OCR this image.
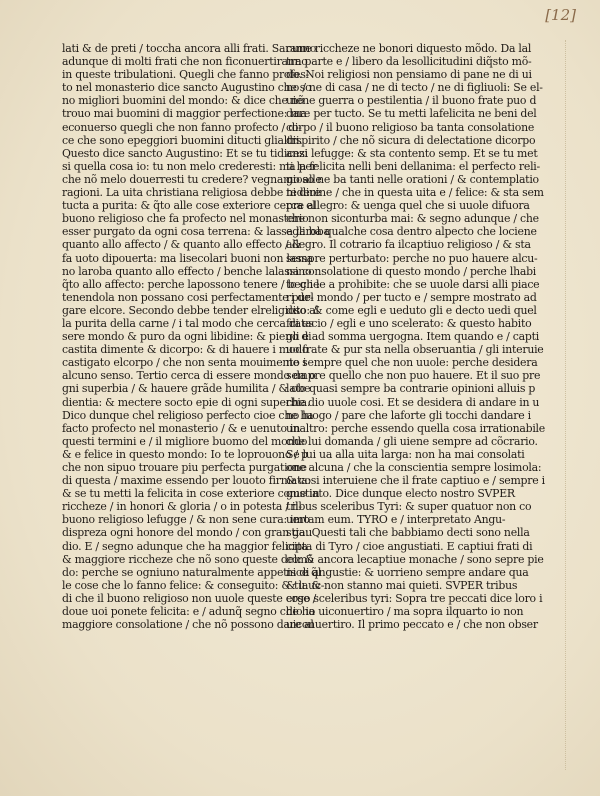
[12]
lati & de preti / toccha ancora alli frati. Saranno
adunque di molti frati che non ficonuertiranno
in queste tribulationi. Quegli che fanno profes-
to nel monasterio dice sancto Augustino che so
no migliori buomini del mondo: & dice che nõ
trouo mai buomini di maggior perfectione: ma
econuerso quegli che non fanno profecto / di-
ce che sono epeggiori buomini ditucti glialtri.
Questo dice sancto Augustino: Et se tu tidicesi
si quella cosa io: tu non melo crederesti: ma per
che nõ melo douerresti tu credere? vegnamo alle
ragioni. La uita christiana religiosa debbe tedere
tucta a purita: & q̃to alle cose exteriore cerca el
buono religioso che fa profecto nel monasterio
esser purgato da ogni cosa terrena: & lassa laroba
quanto allo affecto / & quanto allo effecto / &
fa uoto dipouerta: ma lisecolari buoni non lassa
no laroba quanto allo effecto / benche lalassino
q̃to allo affecto: perche lapossono tenere / beche
tenendola non possano cosi perfectamente pur-
gare elcore. Secondo debbe tender elreligioso al
la purita della carne / i tal modo che cerca di es
sere mondo & puro da ogni libidine: & pieno di
castita dimente & dicorpo: & di hauere i modo
castigato elcorpo / che non senta mouimento i
alcuno senso. Tertio cerca di essere mondo da o
gni superbia / & hauere grãde humilita / & obe
dientia: & mectere socto epie di ogni superbia.
Dico dunque chel religioso perfecto cioe che ha
facto profecto nel monasterio / & e uenuto in
questi termini e / il migliore buomo del mondo
& e felice in questo mondo: Io te loprouono / p
che non sipuo trouare piu perfecta purgatione
di questa / maxime essendo per louoto firmata:
& se tu metti la felicita in cose exteriore come in
riccheze / in honori & gloria / o in potesta / il-
buono religioso lefugge / & non sene cura: imo
dispreza ogni honore del mondo / con gran gau
dio. E / segno adunque che ha maggior felicita
& maggiore riccheze che nõ sono queste delmõ
do: perche se ogniuno naturalmente appetisce q̃l
le cose che lo fanno felice: & conseguito: & tu uc-
di che il buono religioso non uuole queste cose /
doue uoi ponete felicita: e / adunq̃ segno che ha
maggiore consolatione / che nõ possono dare al
cune riccheze ne bonori diquesto mõdo. Da lal
tra parte e / libero da lesollicitudini diq̃sto mõ-
do. Noi religiosi non pensiamo di pane ne di ui
no / ne di casa / ne di tecto / ne di figliuoli: Se el-
uiene guerra o pestilentia / il buono frate puo d
dare per tucto. Se tu metti lafelicita ne beni del
corpo / il buono religioso ba tanta consolatione
dispirito / che nõ sicura di delectatione dicorpo
anzi lefugge: & sta contento semp. Et se tu met
ti la felicita nelli beni dellanima: el perfecto reli-
gioso ne ba tanti nelle orationi / & contemplatio
ni diuine / che in questa uita e / felice: & sta sem
pre allegro: & uenga quel che si uuole difuora
che non siconturba mai: & segno adunque / che
egli ba qualche cosa dentro alpecto che lociene
allegro. Il cotrario fa ilcaptiuo religioso / & sta
sempre perturbato: perche no puo hauere alcu-
na consolatione di questo mondo / perche lhabi
to gli le a prohibite: che se uuole darsi alli piace
ri del mondo / per tucto e / sempre mostrato ad
dito: & come egli e ueduto gli e decto uedi quel
fratacio / egli e uno scelerato: & questo habito
gli e ad somma uergogna. Item quando e / capti
uo frate & pur sta nella obseruantia / gli interuie
ne sempre quel che non uuole: perche desidera
sempre quello che non puo hauere. Et il suo pre
lato quasi sempre ba contrarie opinioni alluis p
che dio uuole cosi. Et se desidera di andare in u
no luogo / pare che laforte gli tocchi dandare i
unaltro: perche essendo quella cosa irrationabile
che lui domanda / gli uiene sempre ad cõcrario.
Se lui ua alla uita larga: non ha mai consolati
one alcuna / che la conscientia sempre losimola:
& cosi interuiene che il frate captiuo e / sempre i
gustiato. Dice dunque electo nostro SVPER
tribus sceleribus Tyri: & super quatuor non co
uertam eum. TYRO e / interpretato Angu-
stia: Questi tali che babbiamo decti sono nella
cipta di Tyro / cioe angustiati. E captiui frati di
co: & ancora lecaptiue monache / sono sepre pie
ni di angustie: & uorrieno sempre andare qua
& la & non stanno mai quieti. SVPER tribus
ergo sceleribus tyri: Sopra tre peccati dice loro i
dio io uiconuertiro / ma sopra ilquarto io non
uiconuertiro. Il primo peccato e / che non obser
